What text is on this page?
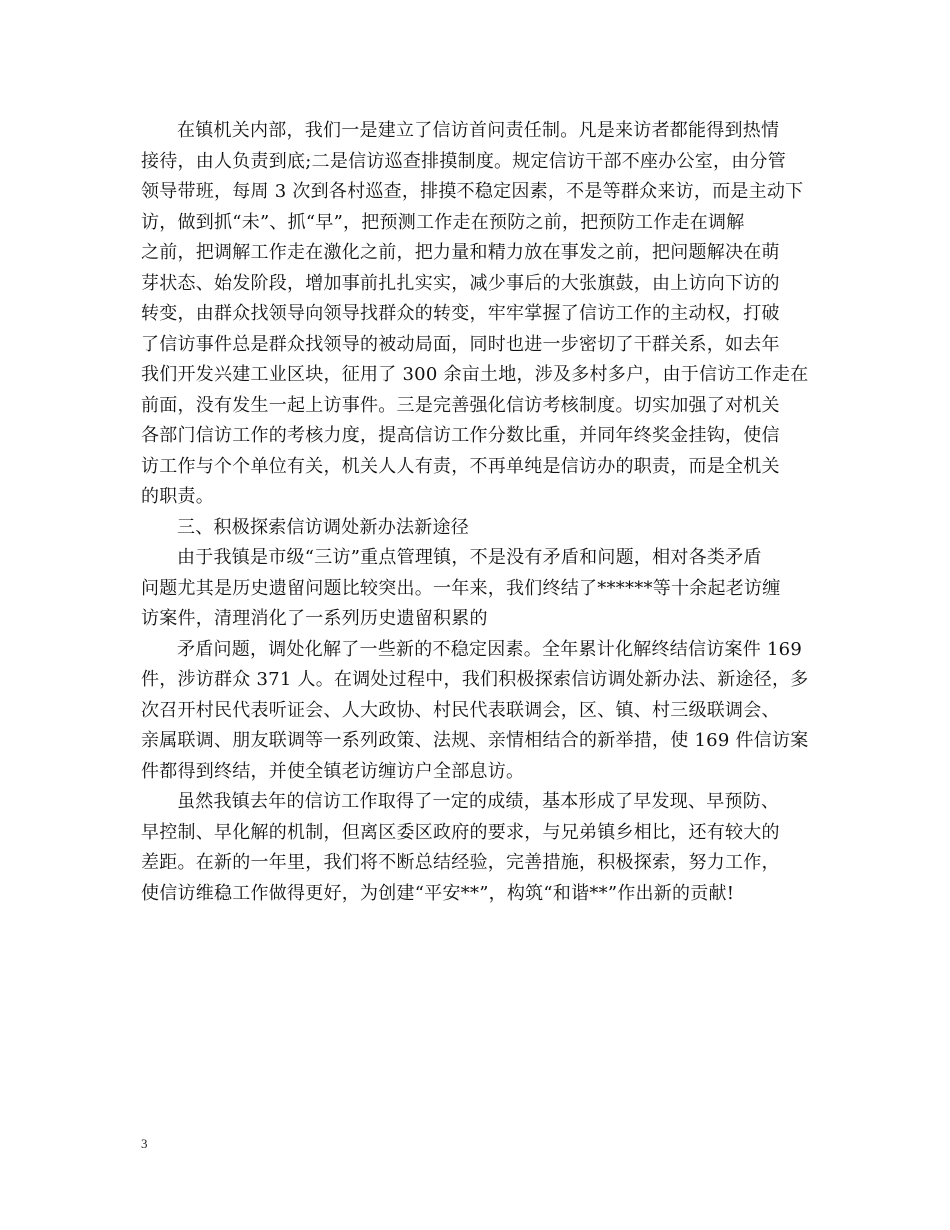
在镇机关内部，我们一是建立了信访首问责任制。凡是来访者都能得到热情
接待，由人负责到底;二是信访巡查排摸制度。规定信访干部不座办公室，由分管
领导带班，每周 3 次到各村巡查，排摸不稳定因素，不是等群众来访，而是主动下
访，做到抓“未”、抓“早”，把预测工作走在预防之前，把预防工作走在调解
之前，把调解工作走在激化之前，把力量和精力放在事发之前，把问题解决在萌
芽状态、始发阶段，增加事前扎扎实实，减少事后的大张旗鼓，由上访向下访的
转变，由群众找领导向领导找群众的转变，牢牢掌握了信访工作的主动权，打破
了信访事件总是群众找领导的被动局面，同时也进一步密切了干群关系，如去年
我们开发兴建工业区块，征用了 300 余亩土地，涉及多村多户，由于信访工作走在
前面，没有发生一起上访事件。三是完善强化信访考核制度。切实加强了对机关
各部门信访工作的考核力度，提高信访工作分数比重，并同年终奖金挂钩，使信
访工作与个个单位有关，机关人人有责，不再单纯是信访办的职责，而是全机关
的职责。
三、积极探索信访调处新办法新途径
由于我镇是市级“三访”重点管理镇，不是没有矛盾和问题，相对各类矛盾
问题尤其是历史遗留问题比较突出。一年来，我们终结了******等十余起老访缠
访案件，清理消化了一系列历史遗留积累的
矛盾问题，调处化解了一些新的不稳定因素。全年累计化解终结信访案件 169
件，涉访群众 371 人。在调处过程中，我们积极探索信访调处新办法、新途径，多
次召开村民代表听证会、人大政协、村民代表联调会，区、镇、村三级联调会、
亲属联调、朋友联调等一系列政策、法规、亲情相结合的新举措，使 169 件信访案
件都得到终结，并使全镇老访缠访户全部息访。
虽然我镇去年的信访工作取得了一定的成绩，基本形成了早发现、早预防、
早控制、早化解的机制，但离区委区政府的要求，与兄弟镇乡相比，还有较大的
差距。在新的一年里，我们将不断总结经验，完善措施，积极探索，努力工作，
使信访维稳工作做得更好，为创建“平安**”，构筑“和谐**”作出新的贡献!
3
